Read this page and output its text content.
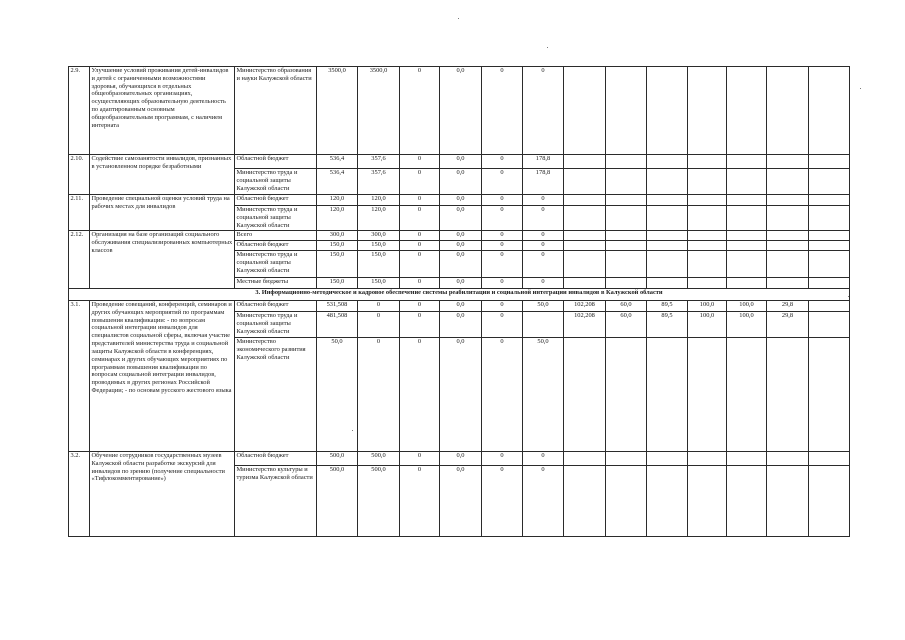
2.9.	Улучшение условий проживания детей-инвалидов и детей с ограниченными возможностями здоровья, обучающихся в отдельных общеобразовательных организациях, осуществляющих образовательную деятельность по адаптированным основным общеобразовательным программам, с наличием интерната	Министерство образования и науки Калужской области	3500,0	3500,0	0	0,0	0	0							
2.10.	Содействие самозанятости инвалидов, признанных в установленном порядке безработными	Областной бюджет	536,4	357,6	0	0,0	0	178,8							
		Министерство труда и социальной защиты Калужской области	536,4	357,6	0	0,0	0	178,8							
2.11.	Проведение специальной оценки условий труда на рабочих местах для инвалидов	Областной бюджет	120,0	120,0	0	0,0	0	0							
		Министерство труда и социальной защиты Калужской области	120,0	120,0	0	0,0	0	0							
2.12.	Организация на базе организаций социального обслуживания специализированных компьютерных классов	Всего	300,0	300,0	0	0,0	0	0							
		Областной бюджет	150,0	150,0	0	0,0	0	0							
		Министерство труда и социальной защиты Калужской области	150,0	150,0	0	0,0	0	0							
		Местные бюджеты	150,0	150,0	0	0,0	0	0							
3. Информационно-методическое и кадровое обеспечение системы реабилитации и социальной интеграции инвалидов в Калужской области															
3.1.	Проведение совещаний, конференций, семинаров и других обучающих мероприятий по программам повышения квалификации: - по вопросам социальной интеграции инвалидов для специалистов социальной сферы, включая участие представителей министерства труда и социальной защиты Калужской области в конференциях, семинарах и других обучающих мероприятиях по программам повышения квалификации по вопросам социальной интеграции инвалидов, проводимых в других регионах Российской Федерации; - по основам русского жестового языка	Областной бюджет	531,508	0	0	0,0	0	50,0	102,208	60,0	89,5	100,0	100,0	29,8	
		Министерство труда и социальной защиты Калужской области	481,508	0	0	0,0	0		102,208	60,0	89,5	100,0	100,0	29,8	
		Министерство экономического развития Калужской области	50,0	0	0	0,0	0	50,0							
3.2.	Обучение сотрудников государственных музеев Калужской области разработке экскурсий для инвалидов по зрению (получение специальности «Тифлокомментирование»)	Областной бюджет	500,0	500,0	0	0,0	0	0							
		Министерство культуры и туризма Калужской области	500,0	500,0	0	0,0	0	0							
